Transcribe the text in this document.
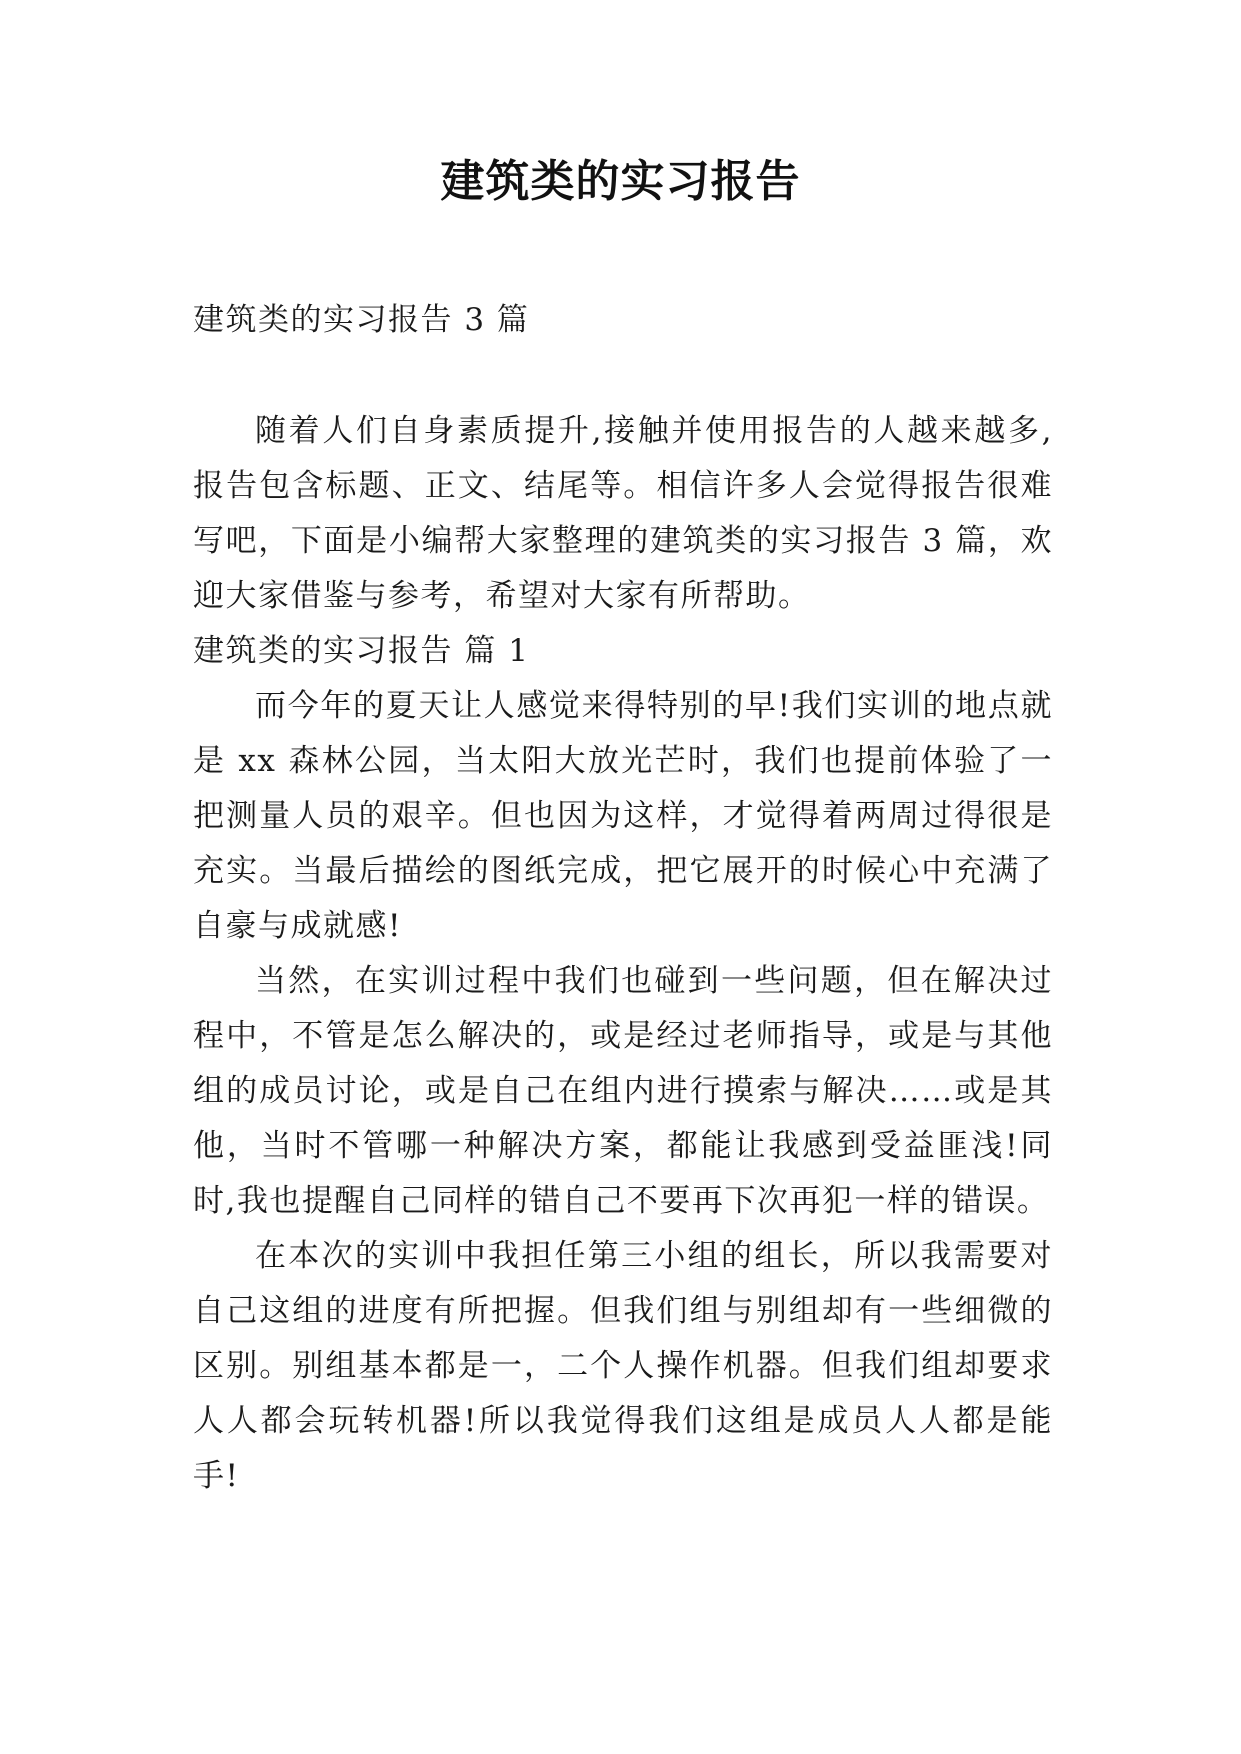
建筑类的实习报告
建筑类的实习报告 3 篇

随着人们自身素质提升,接触并使用报告的人越来越多,报告包含标题、正文、结尾等。相信许多人会觉得报告很难写吧，下面是小编帮大家整理的建筑类的实习报告 3 篇，欢迎大家借鉴与参考，希望对大家有所帮助。

建筑类的实习报告 篇 1

而今年的夏天让人感觉来得特别的早!我们实训的地点就是 xx 森林公园，当太阳大放光芒时，我们也提前体验了一把测量人员的艰辛。但也因为这样，才觉得着两周过得很是充实。当最后描绘的图纸完成，把它展开的时候心中充满了自豪与成就感!

当然，在实训过程中我们也碰到一些问题，但在解决过程中，不管是怎么解决的，或是经过老师指导，或是与其他组的成员讨论，或是自己在组内进行摸索与解决……或是其他，当时不管哪一种解决方案，都能让我感到受益匪浅!同时,我也提醒自己同样的错自己不要再下次再犯一样的错误。

在本次的实训中我担任第三小组的组长，所以我需要对自己这组的进度有所把握。但我们组与别组却有一些细微的区别。别组基本都是一，二个人操作机器。但我们组却要求人人都会玩转机器!所以我觉得我们这组是成员人人都是能手!
